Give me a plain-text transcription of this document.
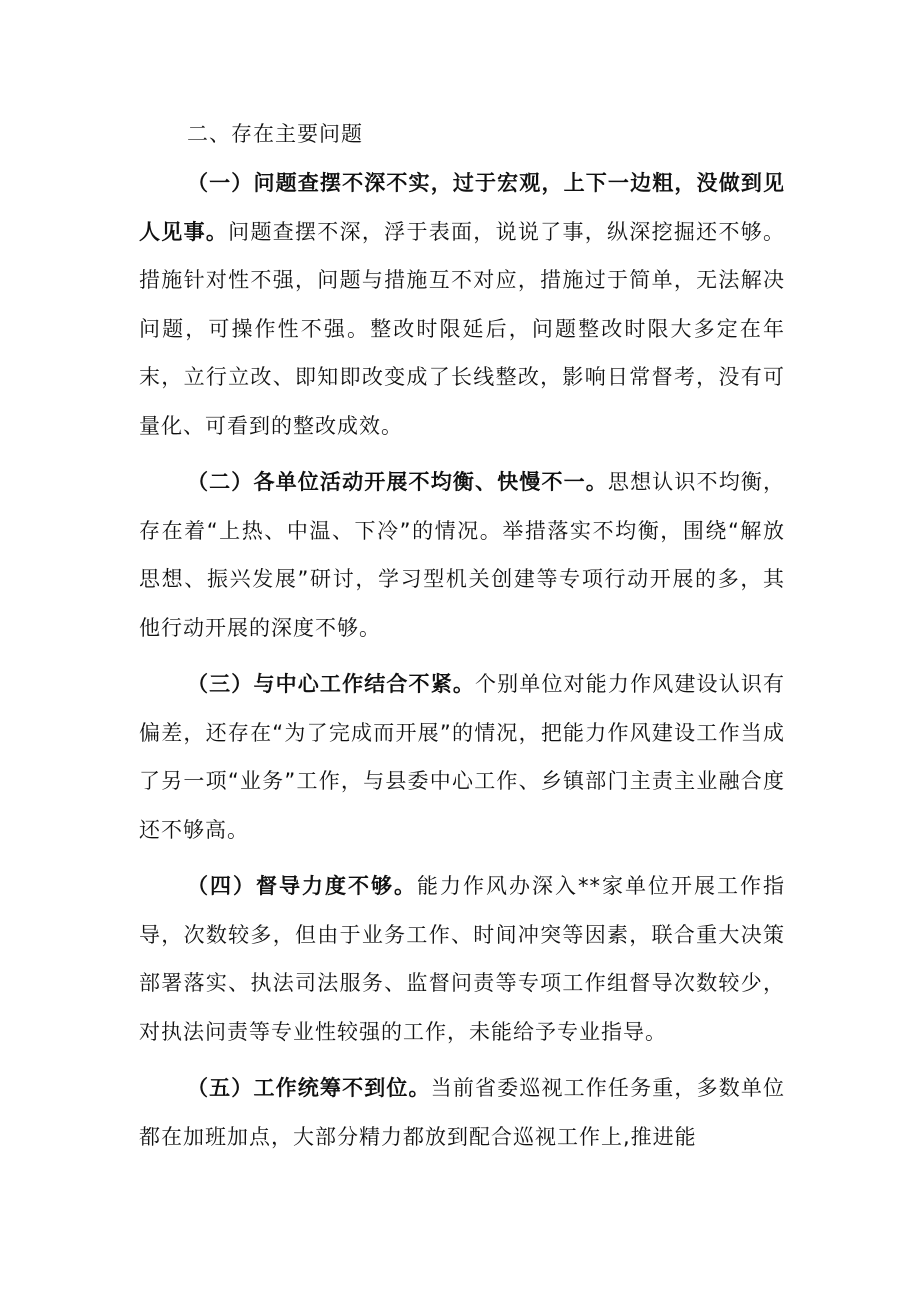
二、存在主要问题

（一）问题查摆不深不实，过于宏观，上下一边粗，没做到见人见事。问题查摆不深，浮于表面，说说了事，纵深挖掘还不够。措施针对性不强，问题与措施互不对应，措施过于简单，无法解决问题，可操作性不强。整改时限延后，问题整改时限大多定在年末，立行立改、即知即改变成了长线整改，影响日常督考，没有可量化、可看到的整改成效。

（二）各单位活动开展不均衡、快慢不一。思想认识不均衡，存在着“上热、中温、下冷”的情况。举措落实不均衡，围绕“解放思想、振兴发展”研讨，学习型机关创建等专项行动开展的多，其他行动开展的深度不够。

（三）与中心工作结合不紧。个别单位对能力作风建设认识有偏差，还存在“为了完成而开展”的情况，把能力作风建设工作当成了另一项“业务”工作，与县委中心工作、乡镇部门主责主业融合度还不够高。

（四）督导力度不够。能力作风办深入**家单位开展工作指导，次数较多，但由于业务工作、时间冲突等因素，联合重大决策部署落实、执法司法服务、监督问责等专项工作组督导次数较少，对执法问责等专业性较强的工作，未能给予专业指导。

（五）工作统筹不到位。当前省委巡视工作任务重，多数单位都在加班加点，大部分精力都放到配合巡视工作上,推进能
